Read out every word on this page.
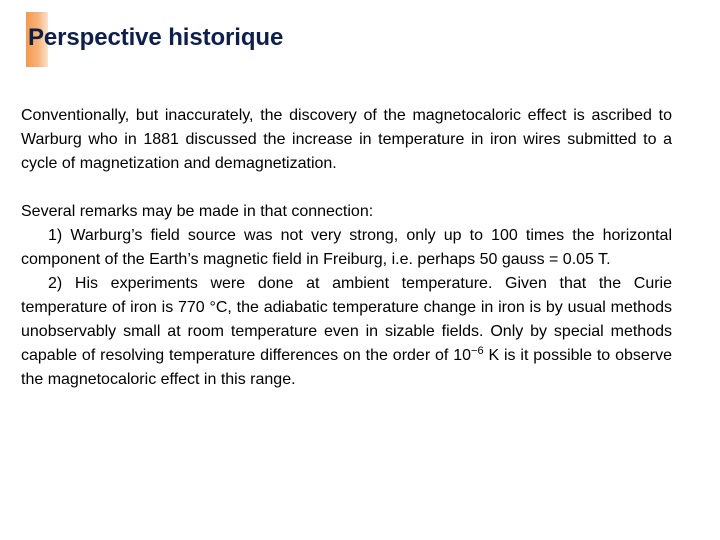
Perspective historique

Conventionally, but inaccurately, the discovery of the magnetocaloric effect is ascribed to Warburg who in 1881 discussed the increase in temperature in iron wires submitted to a cycle of magnetization and demagnetization.

Several remarks may be made in that connection:

1) Warburg’s field source was not very strong, only up to 100 times the horizontal component of the Earth’s magnetic field in Freiburg, i.e. perhaps 50 gauss = 0.05 T.

2) His experiments were done at ambient temperature. Given that the Curie temperature of iron is 770 °C, the adiabatic temperature change in iron is by usual methods unobservably small at room temperature even in sizable fields. Only by special methods capable of resolving temperature differences on the order of $10^{-6}$ K is it possible to observe the magnetocaloric effect in this range.
